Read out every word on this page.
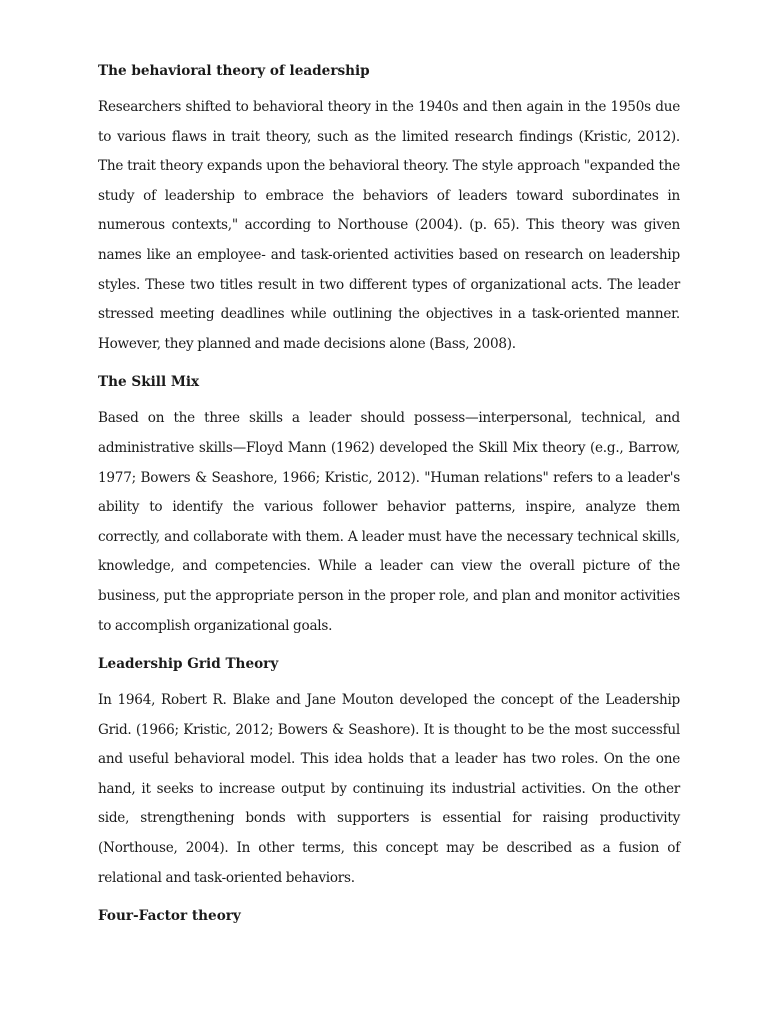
The behavioral theory of leadership

Researchers shifted to behavioral theory in the 1940s and then again in the 1950s due to various flaws in trait theory, such as the limited research findings (Kristic, 2012). The trait theory expands upon the behavioral theory. The style approach "expanded the study of leadership to embrace the behaviors of leaders toward subordinates in numerous contexts," according to Northouse (2004). (p. 65). This theory was given names like an employee- and task-oriented activities based on research on leadership styles. These two titles result in two different types of organizational acts. The leader stressed meeting deadlines while outlining the objectives in a task-oriented manner. However, they planned and made decisions alone (Bass, 2008).

The Skill Mix

Based on the three skills a leader should possess—interpersonal, technical, and administrative skills—Floyd Mann (1962) developed the Skill Mix theory (e.g., Barrow, 1977; Bowers & Seashore, 1966; Kristic, 2012). "Human relations" refers to a leader's ability to identify the various follower behavior patterns, inspire, analyze them correctly, and collaborate with them. A leader must have the necessary technical skills, knowledge, and competencies. While a leader can view the overall picture of the business, put the appropriate person in the proper role, and plan and monitor activities to accomplish organizational goals.

Leadership Grid Theory

In 1964, Robert R. Blake and Jane Mouton developed the concept of the Leadership Grid. (1966; Kristic, 2012; Bowers & Seashore). It is thought to be the most successful and useful behavioral model. This idea holds that a leader has two roles. On the one hand, it seeks to increase output by continuing its industrial activities. On the other side, strengthening bonds with supporters is essential for raising productivity (Northouse, 2004). In other terms, this concept may be described as a fusion of relational and task-oriented behaviors.

Four-Factor theory
